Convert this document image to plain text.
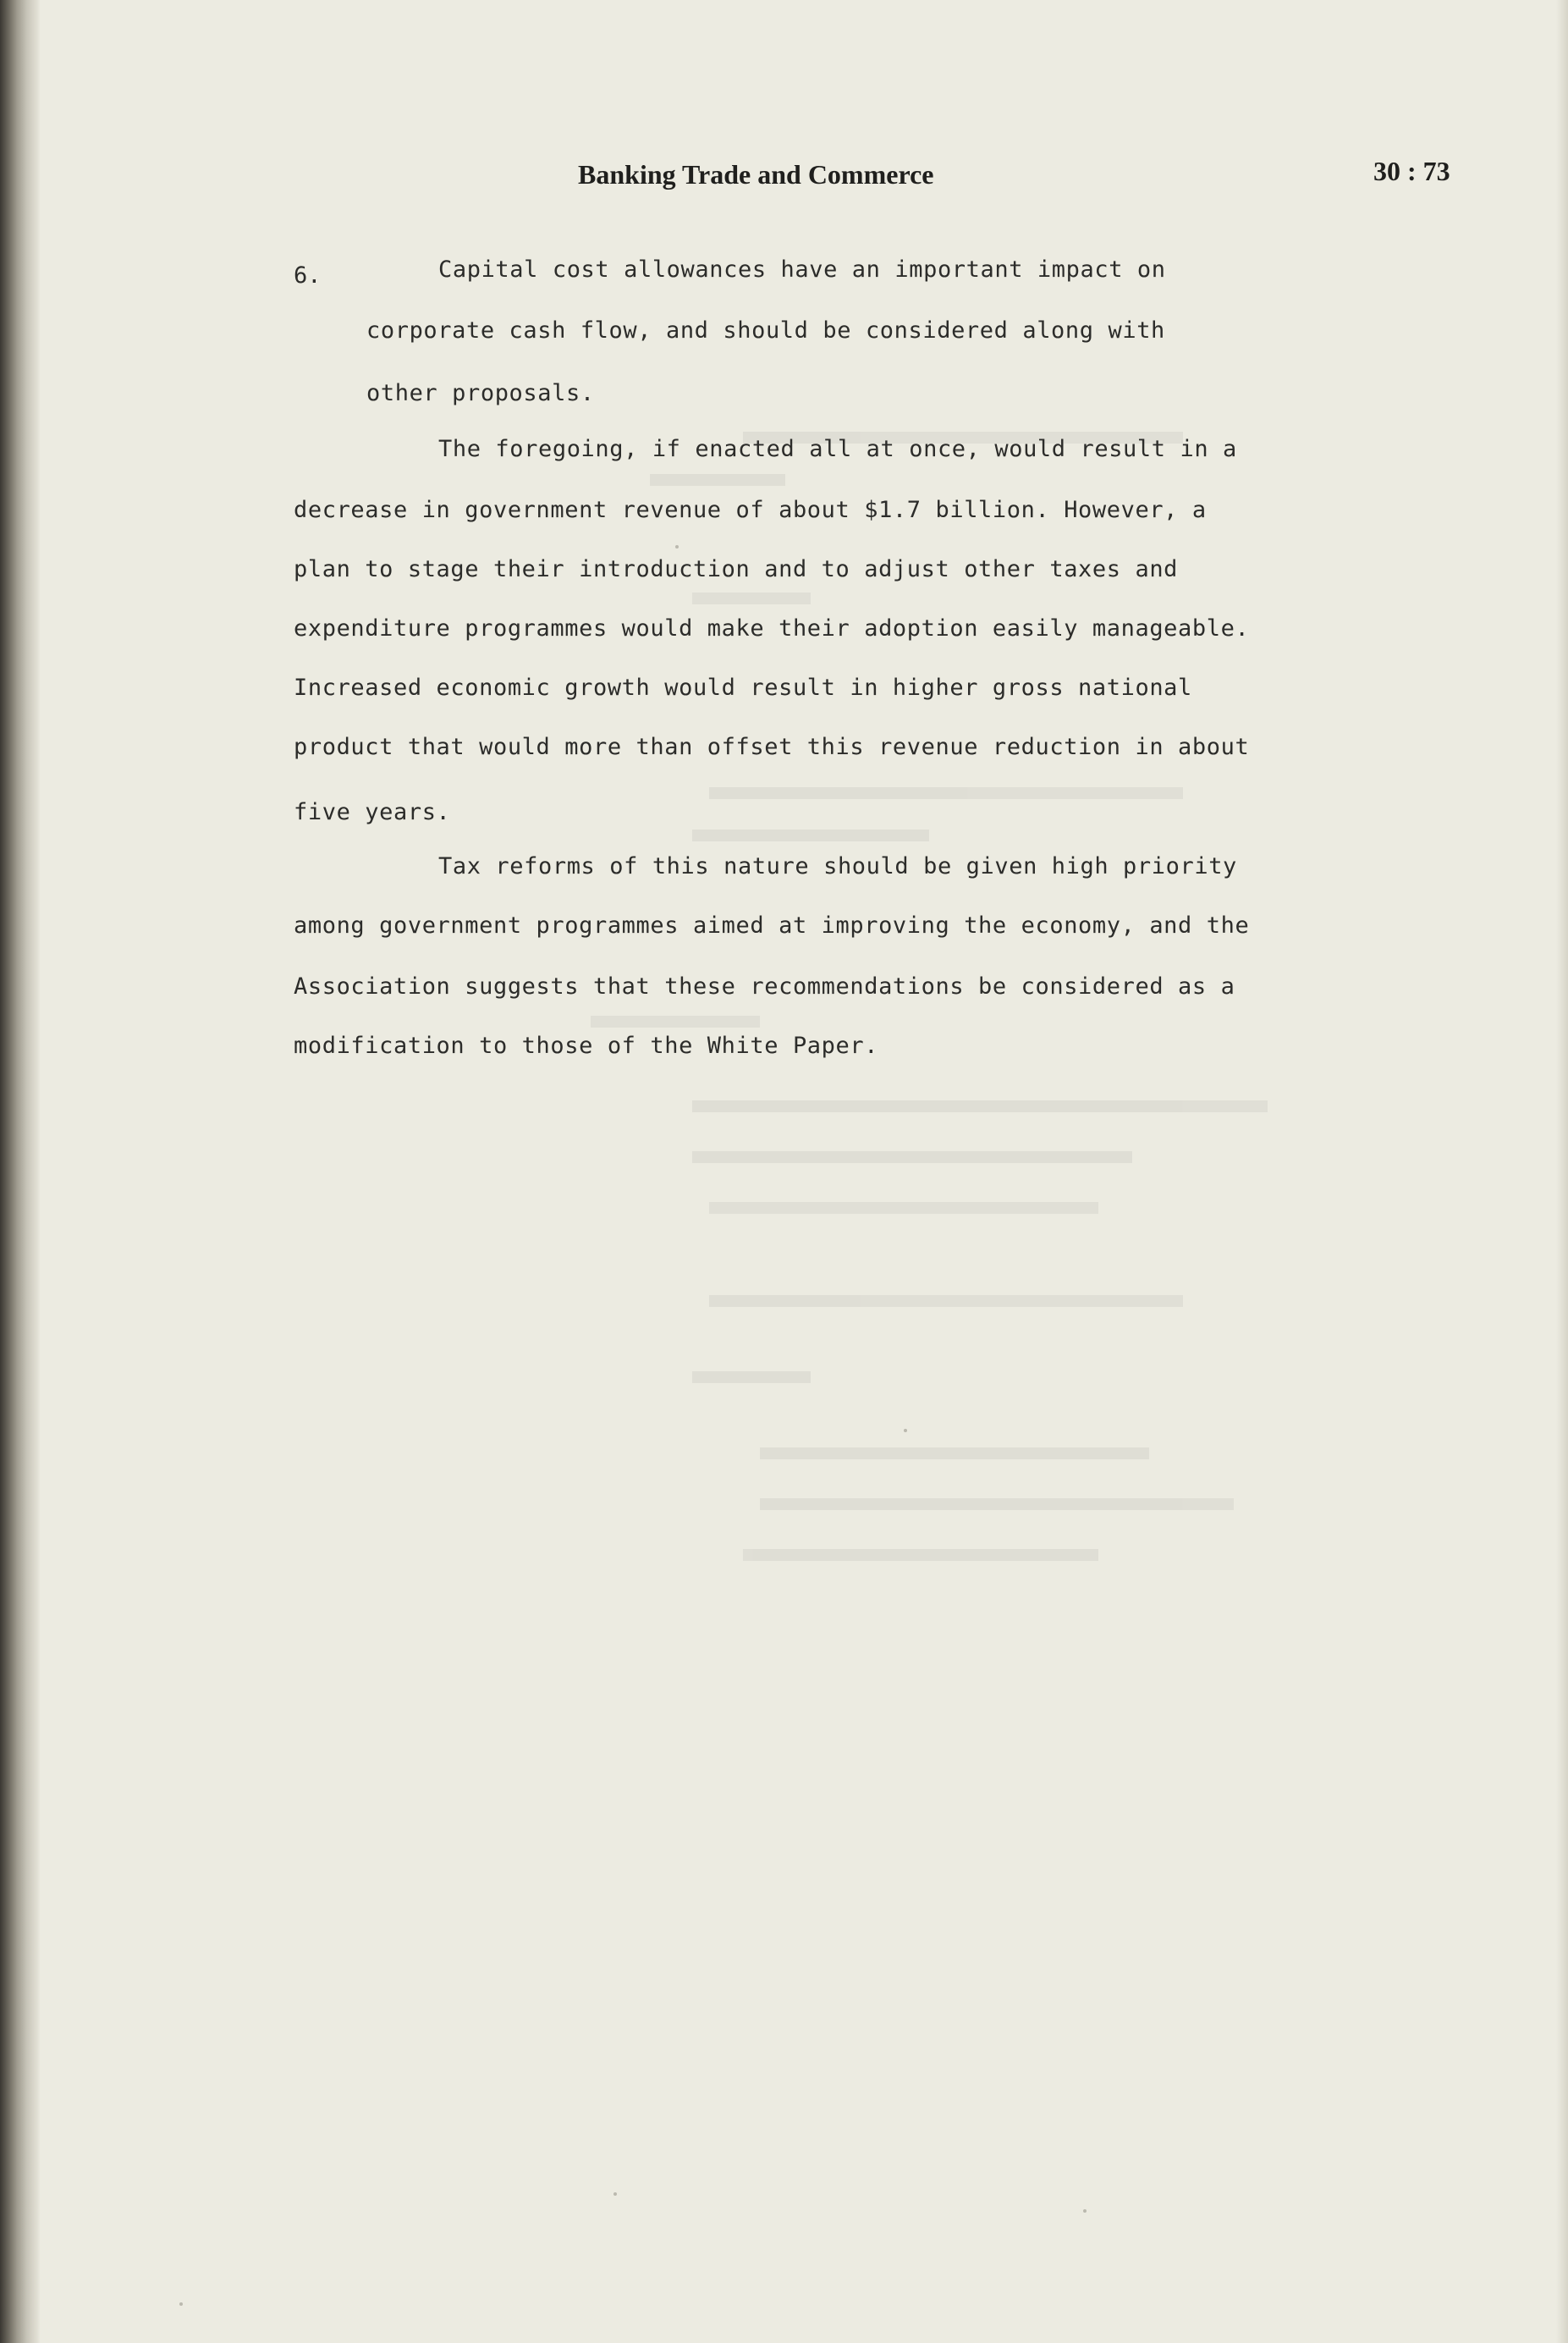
Banking Trade and Commerce	30 : 73
6.	Capital cost allowances have an important impact on
corporate cash flow, and should be considered along with
other proposals.
The foregoing, if enacted all at once, would result in a
decrease in government revenue of about $1.7 billion. However, a
plan to stage their introduction and to adjust other taxes and
expenditure programmes would make their adoption easily manageable.
Increased economic growth would result in higher gross national
product that would more than offset this revenue reduction in about
five years.
Tax reforms of this nature should be given high priority
among government programmes aimed at improving the economy, and the
Association suggests that these recommendations be considered as a
modification to those of the White Paper.
